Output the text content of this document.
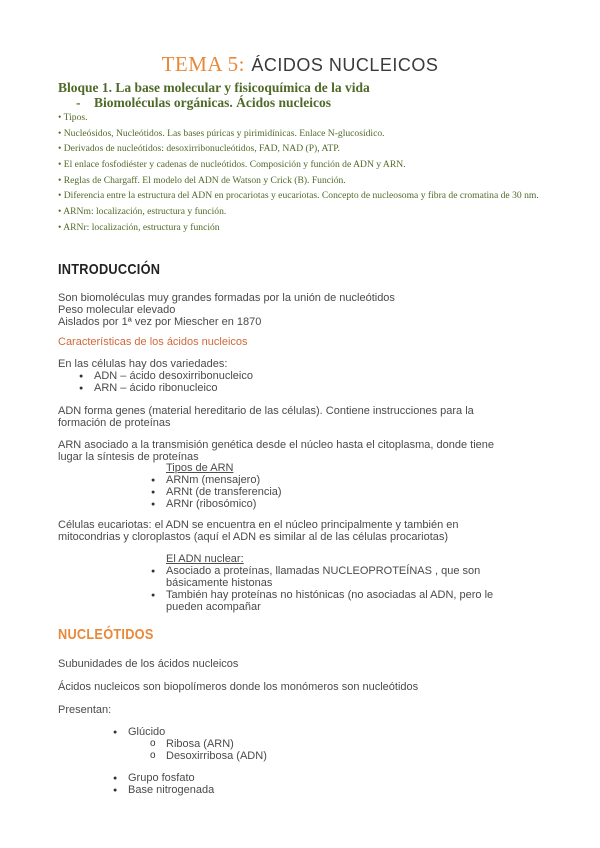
TEMA 5: ÁCIDOS NUCLEICOS
Bloque 1. La base molecular y fisicoquímica de la vida
- Biomoléculas orgánicas. Ácidos nucleicos
• Tipos.
• Nucleósidos, Nucleótidos. Las bases púricas y pirimidínicas. Enlace N-glucosídico.
• Derivados de nucleótidos: desoxirribonucleótidos, FAD, NAD (P), ATP.
• El enlace fosfodiéster y cadenas de nucleótidos. Composición y función de ADN y ARN.
• Reglas de Chargaff. El modelo del ADN de Watson y Crick (B). Función.
• Diferencia entre la estructura del ADN en procariotas y eucariotas. Concepto de nucleosoma y fibra de cromatina de 30 nm.
• ARNm: localización, estructura y función.
• ARNr: localización, estructura y función
INTRODUCCIÓN
Son biomoléculas muy grandes formadas por la unión de nucleótidos
Peso molecular elevado
Aislados por 1ª vez por Miescher en 1870
Características de los ácidos nucleicos
En las células hay dos variedades:
● ADN – ácido desoxirribonucleico
● ARN – ácido ribonucleico
ADN forma genes (material hereditario de las células). Contiene instrucciones para la
formación de proteínas
ARN asociado a la transmisión genética desde el núcleo hasta el citoplasma, donde tiene
lugar la síntesis de proteínas
Tipos de ARN
● ARNm (mensajero)
● ARNt (de transferencia)
● ARNr (ribosómico)
Células eucariotas: el ADN se encuentra en el núcleo principalmente y también en
mitocondrias y cloroplastos (aquí el ADN es similar al de las células procariotas)
El ADN nuclear:
● Asociado a proteínas, llamadas NUCLEOPROTEÍNAS , que son
básicamente histonas
● También hay proteínas no histónicas (no asociadas al ADN, pero le
pueden acompañar
NUCLEÓTIDOS
Subunidades de los ácidos nucleicos
Ácidos nucleicos son biopolímeros donde los monómeros son nucleótidos
Presentan:
● Glúcido
o Ribosa (ARN)
o Desoxirribosa (ADN)
● Grupo fosfato
● Base nitrogenada
